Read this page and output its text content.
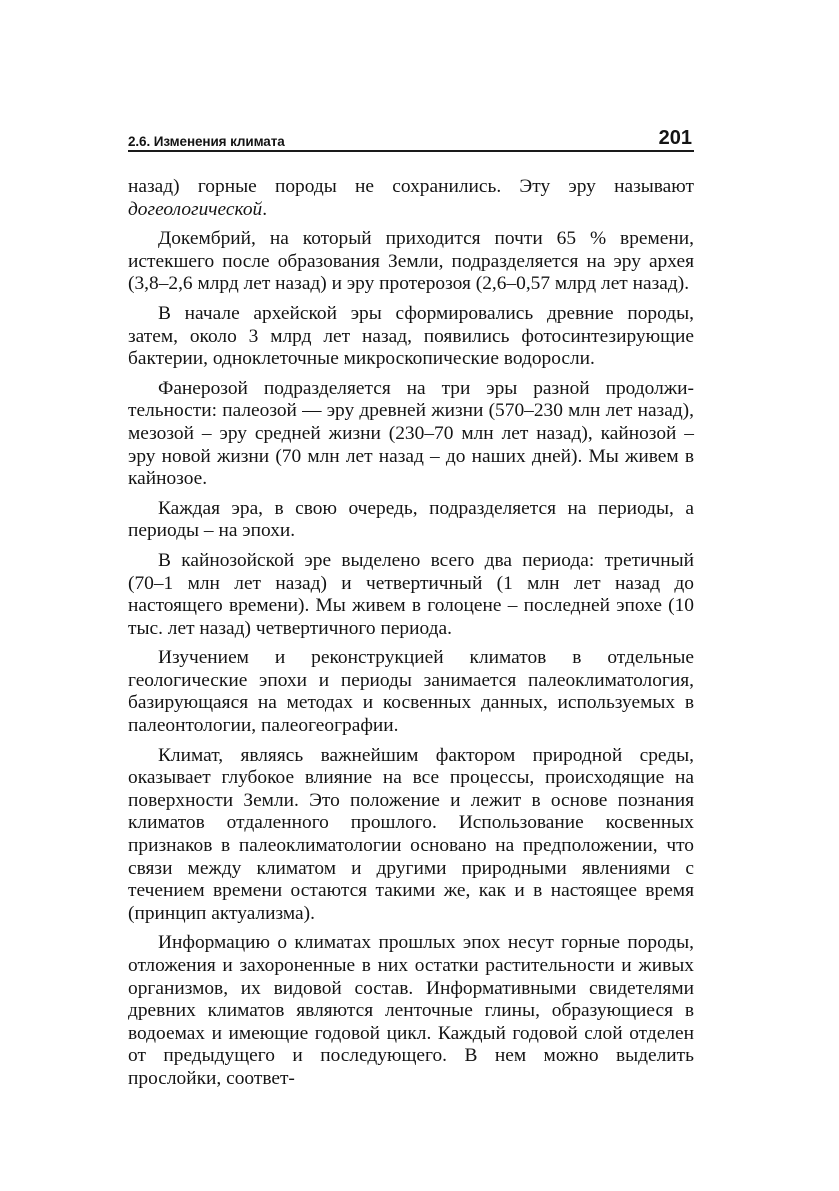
2.6. Изменения климата	201

назад) горные породы не сохранились. Эту эру называют догеологической.

Докембрий, на который приходится почти 65 % времени, истекшего после образования Земли, подразделяется на эру архея (3,8–2,6 млрд лет назад) и эру протерозоя (2,6–0,57 млрд лет назад).

В начале архейской эры сформировались древние породы, затем, около 3 млрд лет назад, появились фотосинтезирующие бактерии, одноклеточные микроскопические водоросли.

Фанерозой подразделяется на три эры разной продолжительности: палеозой — эру древней жизни (570–230 млн лет назад), мезозой – эру средней жизни (230–70 млн лет назад), кайнозой – эру новой жизни (70 млн лет назад – до наших дней). Мы живем в кайнозое.

Каждая эра, в свою очередь, подразделяется на периоды, а периоды – на эпохи.

В кайнозойской эре выделено всего два периода: третичный (70–1 млн лет назад) и четвертичный (1 млн лет назад до настоящего времени). Мы живем в голоцене – последней эпохе (10 тыс. лет назад) четвертичного периода.

Изучением и реконструкцией климатов в отдельные геологические эпохи и периоды занимается палеоклиматология, базирующаяся на методах и косвенных данных, используемых в палеонтологии, палеогеографии.

Климат, являясь важнейшим фактором природной среды, оказывает глубокое влияние на все процессы, происходящие на поверхности Земли. Это положение и лежит в основе познания климатов отдаленного прошлого. Использование косвенных признаков в палеоклиматологии основано на предположении, что связи между климатом и другими природными явлениями с течением времени остаются такими же, как и в настоящее время (принцип актуализма).

Информацию о климатах прошлых эпох несут горные породы, отложения и захороненные в них остатки растительности и живых организмов, их видовой состав. Информативными свидетелями древних климатов являются ленточные глины, образующиеся в водоемах и имеющие годовой цикл. Каждый годовой слой отделен от предыдущего и последующего. В нем можно выделить прослойки, соответ-
